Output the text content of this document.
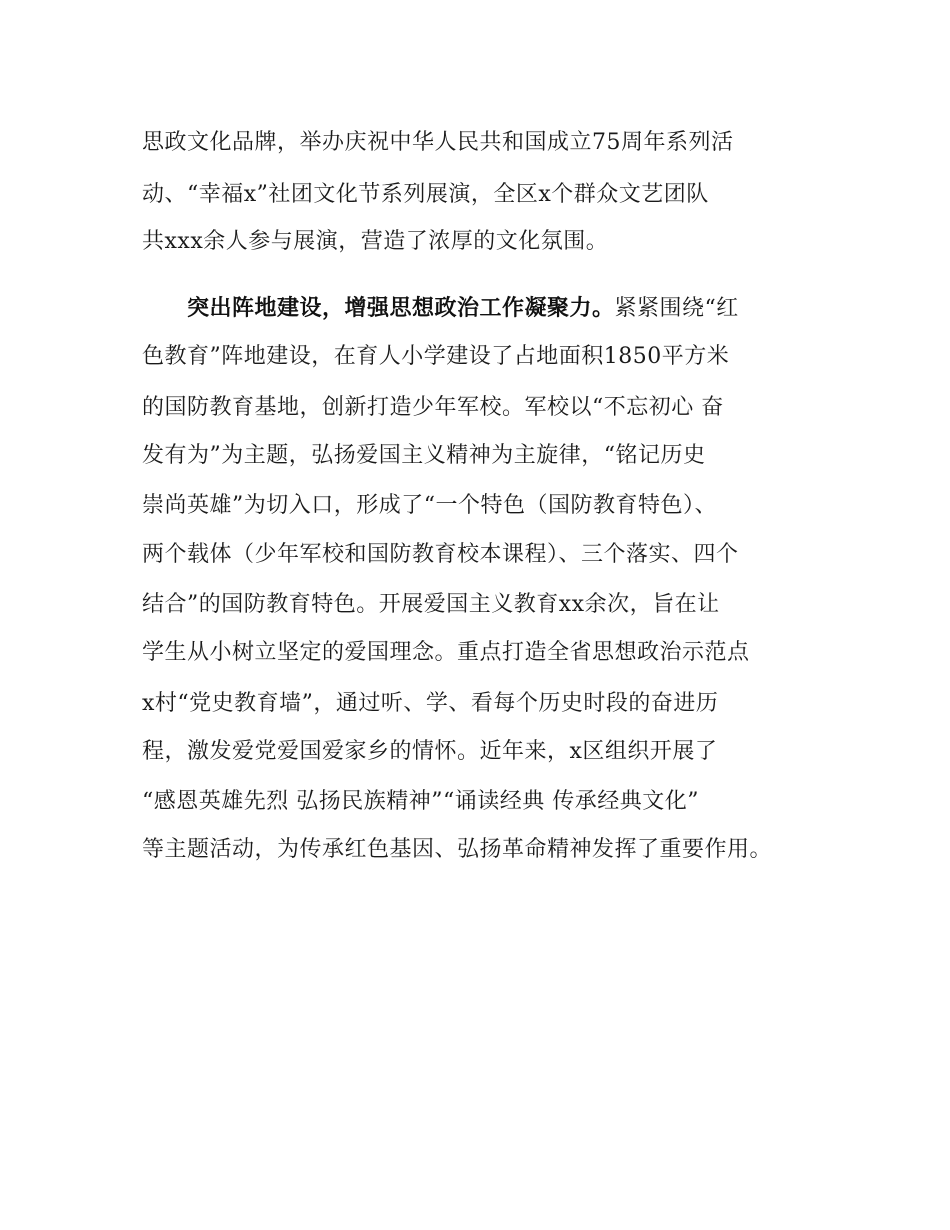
思政文化品牌，举办庆祝中华人民共和国成立75周年系列活
动、“幸福x”社团文化节系列展演，全区x个群众文艺团队
共xxx余人参与展演，营造了浓厚的文化氛围。
突出阵地建设，增强思想政治工作凝聚力。紧紧围绕“红
色教育”阵地建设，在育人小学建设了占地面积1850平方米
的国防教育基地，创新打造少年军校。军校以“不忘初心 奋
发有为”为主题，弘扬爱国主义精神为主旋律，“铭记历史
崇尚英雄”为切入口，形成了“一个特色（国防教育特色）、
两个载体（少年军校和国防教育校本课程）、三个落实、四个
结合”的国防教育特色。开展爱国主义教育xx余次，旨在让
学生从小树立坚定的爱国理念。重点打造全省思想政治示范点
x村“党史教育墙”，通过听、学、看每个历史时段的奋进历
程，激发爱党爱国爱家乡的情怀。近年来，x区组织开展了
“感恩英雄先烈 弘扬民族精神”“诵读经典 传承经典文化”
等主题活动，为传承红色基因、弘扬革命精神发挥了重要作用。
